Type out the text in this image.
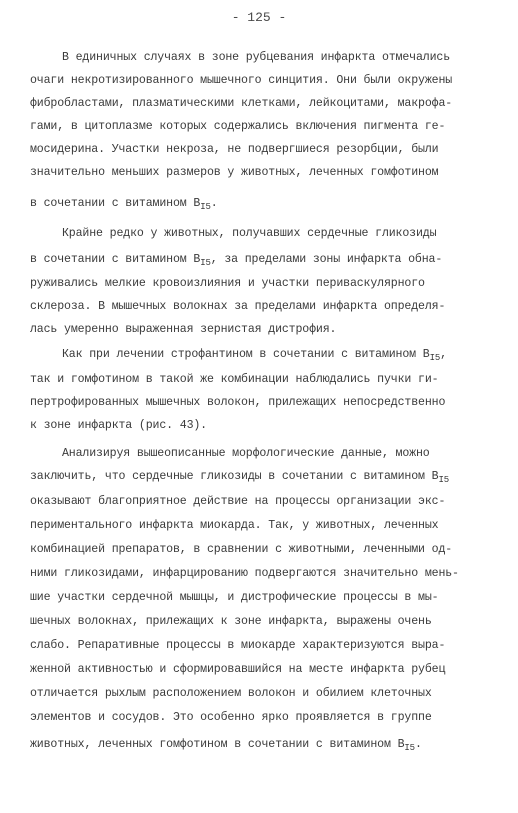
- 125 -
В единичных случаях в зоне рубцевания инфаркта отмечались
очаги некротизированного мышечного синцития. Они были окружены
фибробластами, плазматическими клетками, лейкоцитами, макрофа-
гами, в цитоплазме которых содержались включения пигмента ге-
мосидерина. Участки некроза, не подвергшиеся резорбции, были
значительно меньших размеров у животных, леченных гомфотином
в сочетании с витамином $B_{I5}$.
Крайне редко у животных, получавших сердечные гликозиды
в сочетании с витамином $B_{I5}$, за пределами зоны инфаркта обна-
руживались мелкие кровоизлияния и участки периваскулярного
склероза. В мышечных волокнах за пределами инфаркта определя-
лась умеренно выраженная зернистая дистрофия.
Как при лечении строфантином в сочетании с витамином $B_{I5}$,
так и гомфотином в такой же комбинации наблюдались пучки ги-
пертрофированных мышечных волокон, прилежащих непосредственно
к зоне инфаркта (рис. 43).
Анализируя вышеописанные морфологические данные, можно
заключить, что сердечные гликозиды в сочетании с витамином $B_{I5}$
оказывают благоприятное действие на процессы организации экс-
периментального инфаркта миокарда. Так, у животных, леченных
комбинацией препаратов, в сравнении с животными, леченными од-
ними гликозидами, инфарцированию подвергаются значительно мень-
шие участки сердечной мышцы, и дистрофические процессы в мы-
шечных волокнах, прилежащих к зоне инфаркта, выражены очень
слабо. Репаративные процессы в миокарде характеризуются выра-
женной активностью и сформировавшийся на месте инфаркта рубец
отличается рыхлым расположением волокон и обилием клеточных
элементов и сосудов. Это особенно ярко проявляется в группе
животных, леченных гомфотином в сочетании с витамином $B_{I5}$.
